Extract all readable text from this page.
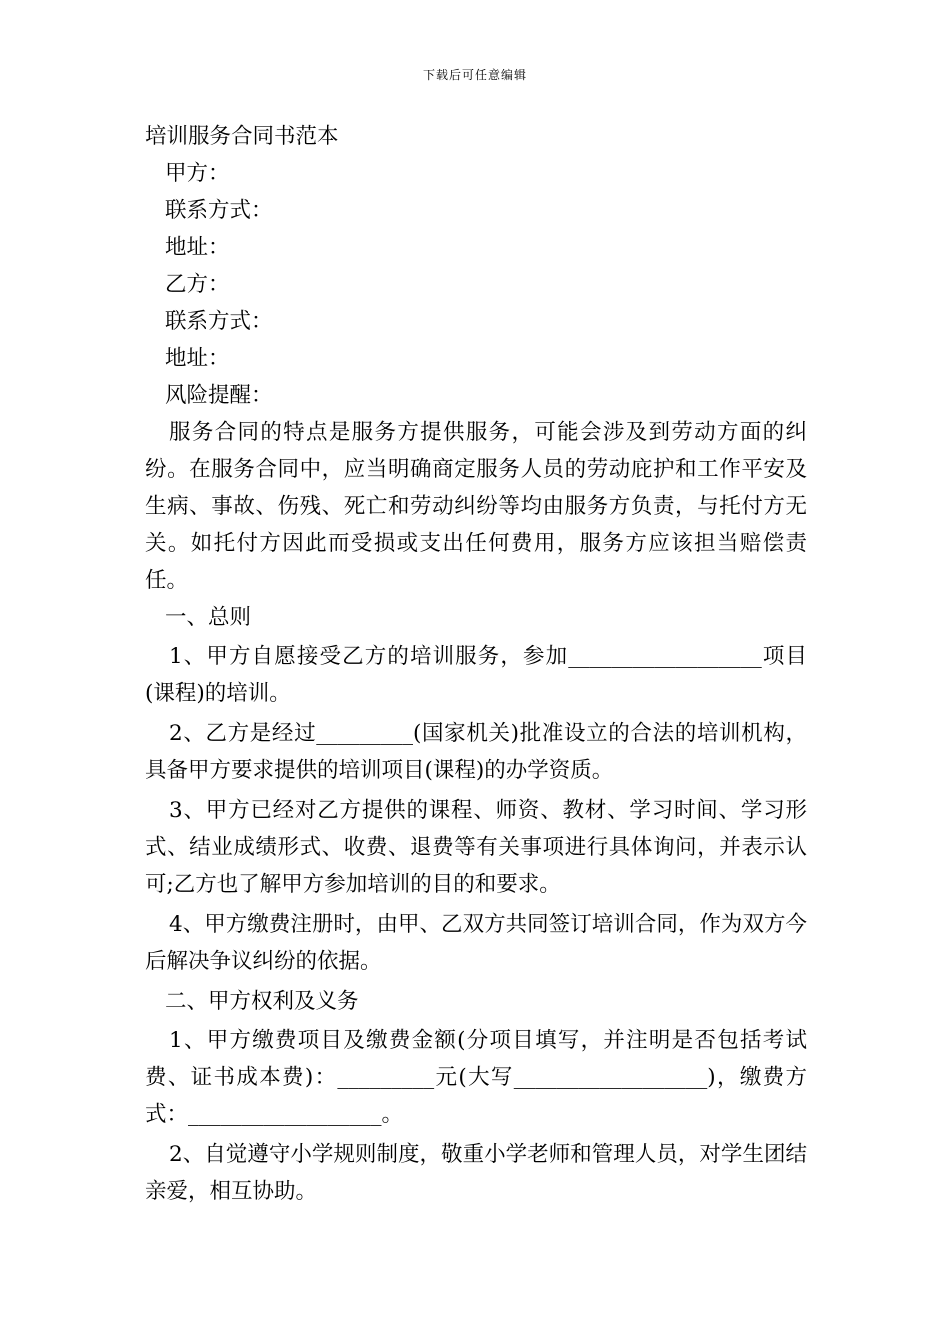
下载后可任意编辑

培训服务合同书范本

甲方：

联系方式：

地址：

乙方：

联系方式：

地址：

风险提醒：

服务合同的特点是服务方提供服务，可能会涉及到劳动方面的纠纷。在服务合同中，应当明确商定服务人员的劳动庇护和工作平安及生病、事故、伤残、死亡和劳动纠纷等均由服务方负责，与托付方无关。如托付方因此而受损或支出任何费用，服务方应该担当赔偿责任。

一、总则

1、甲方自愿接受乙方的培训服务，参加__________________项目(课程)的培训。

2、乙方是经过_________(国家机关)批准设立的合法的培训机构，具备甲方要求提供的培训项目(课程)的办学资质。

3、甲方已经对乙方提供的课程、师资、教材、学习时间、学习形式、结业成绩形式、收费、退费等有关事项进行具体询问，并表示认可;乙方也了解甲方参加培训的目的和要求。

4、甲方缴费注册时，由甲、乙双方共同签订培训合同，作为双方今后解决争议纠纷的依据。

二、甲方权利及义务

1、甲方缴费项目及缴费金额(分项目填写，并注明是否包括考试费、证书成本费)：_________元(大写__________________)，缴费方式：__________________。

2、自觉遵守小学规则制度，敬重小学老师和管理人员，对学生团结亲爱，相互协助。
